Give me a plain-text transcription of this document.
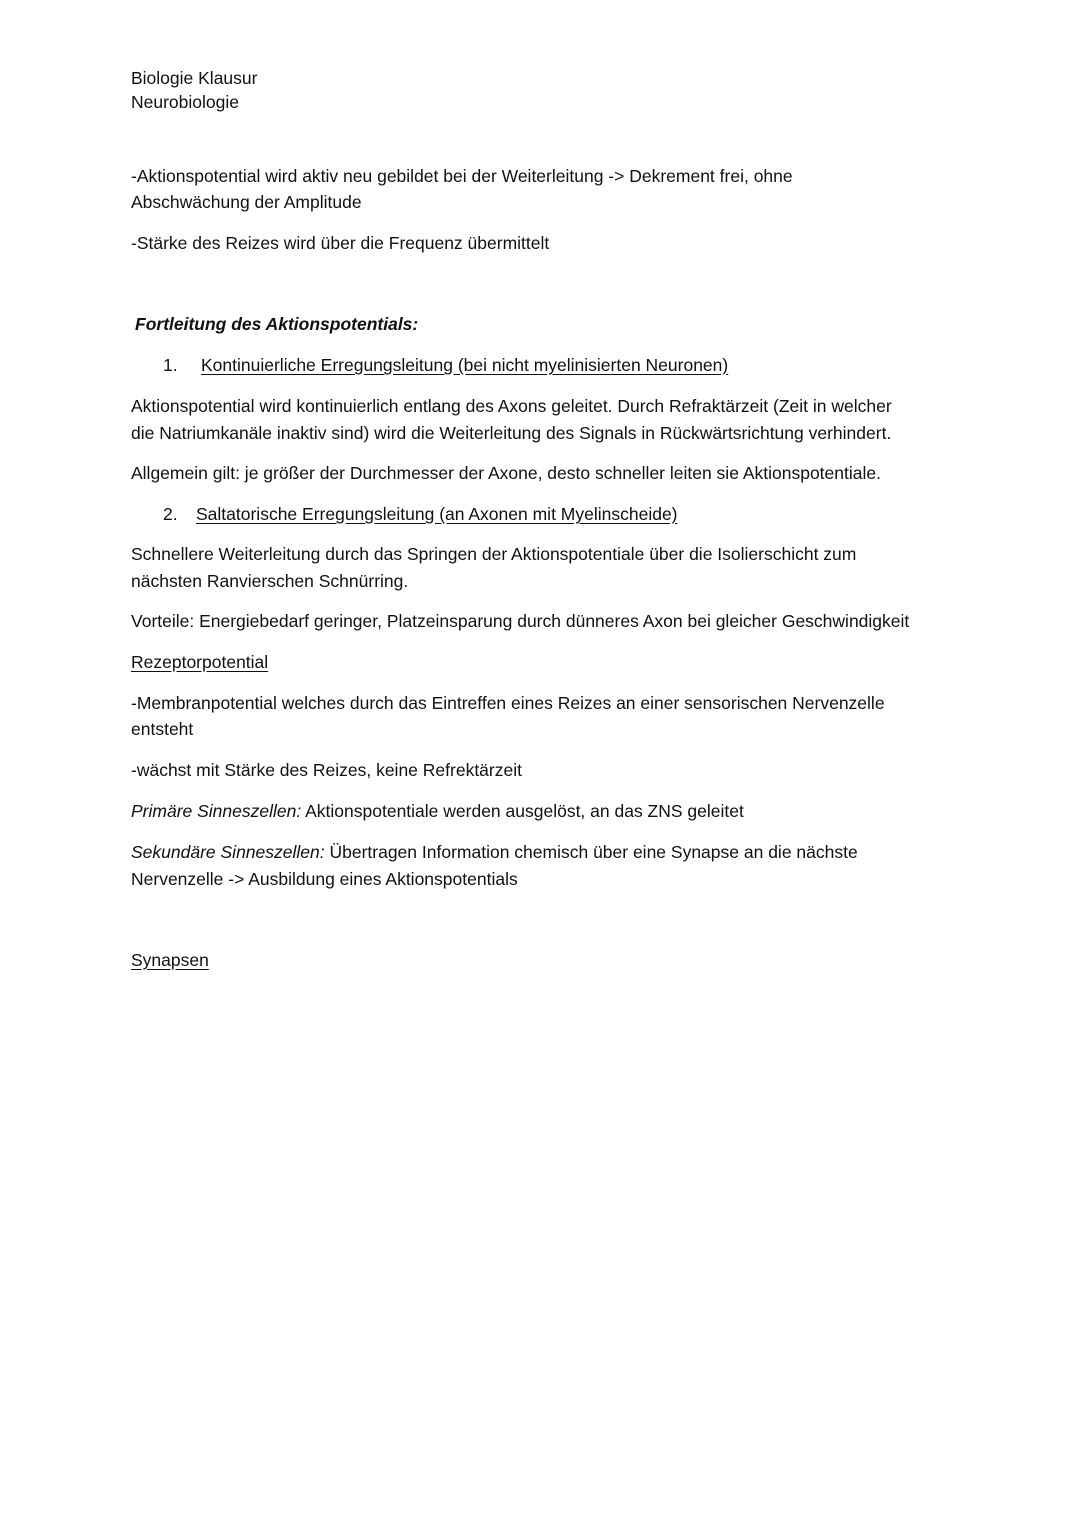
Biologie Klausur
Neurobiologie
-Aktionspotential wird aktiv neu gebildet bei der Weiterleitung -> Dekrement frei, ohne
Abschwächung der Amplitude
-Stärke des Reizes wird über die Frequenz übermittelt
Fortleitung des Aktionspotentials:
1. Kontinuierliche Erregungsleitung (bei nicht myelinisierten Neuronen)
Aktionspotential wird kontinuierlich entlang des Axons geleitet. Durch Refraktärzeit (Zeit in welcher
die Natriumkanäle inaktiv sind) wird die Weiterleitung des Signals in Rückwärtsrichtung verhindert.
Allgemein gilt: je größer der Durchmesser der Axone, desto schneller leiten sie Aktionspotentiale.
2. Saltatorische Erregungsleitung (an Axonen mit Myelinscheide)
Schnellere Weiterleitung durch das Springen der Aktionspotentiale über die Isolierschicht zum
nächsten Ranvierschen Schnürring.
Vorteile: Energiebedarf geringer, Platzeinsparung durch dünneres Axon bei gleicher Geschwindigkeit
Rezeptorpotential
-Membranpotential welches durch das Eintreffen eines Reizes an einer sensorischen Nervenzelle
entsteht
-wächst mit Stärke des Reizes, keine Refrektärzeit
Primäre Sinneszellen: Aktionspotentiale werden ausgelöst, an das ZNS geleitet
Sekundäre Sinneszellen: Übertragen Information chemisch über eine Synapse an die nächste
Nervenzelle -> Ausbildung eines Aktionspotentials
Synapsen
